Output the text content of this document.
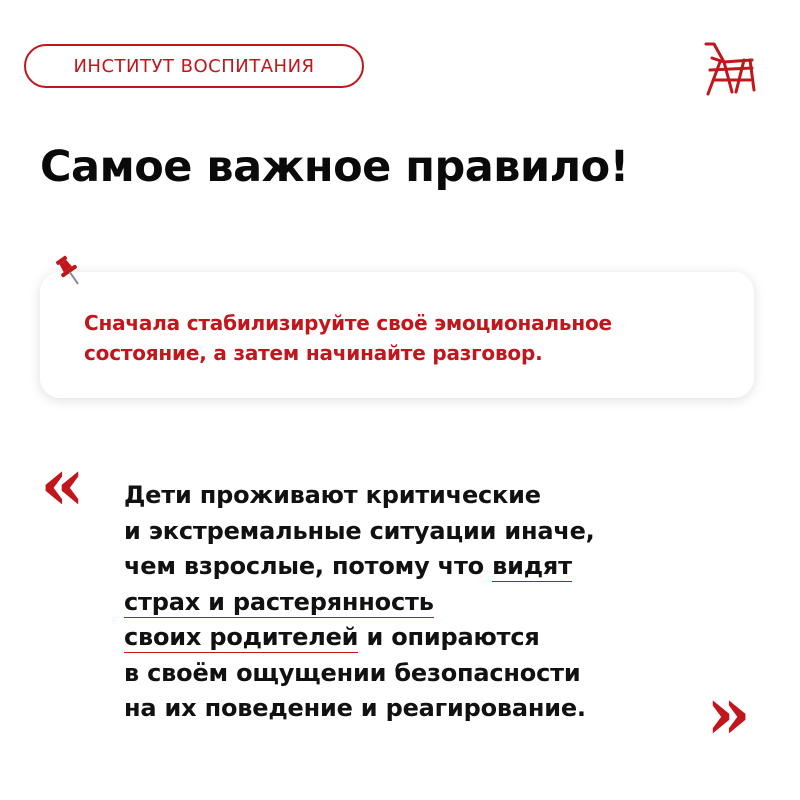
ИНСТИТУТ ВОСПИТАНИЯ
Самое важное правило!

Сначала стабилизируйте своё эмоциональное
состояние, а затем начинайте разговор.

« Дети проживают критические
и экстремальные ситуации иначе,
чем взрослые, потому что видят
страх и растерянность
своих родителей и опираются
в своём ощущении безопасности
на их поведение и реагирование. »
